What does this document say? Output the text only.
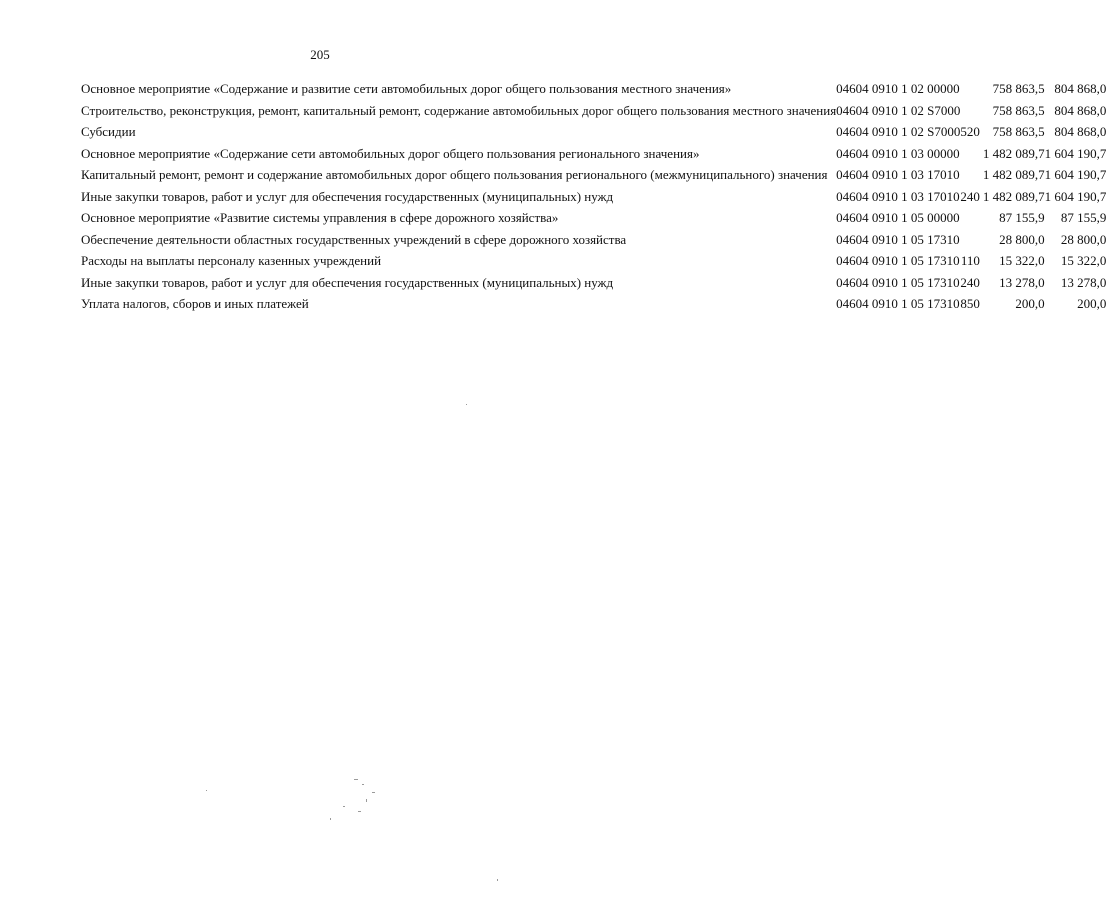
205
Основное мероприятие «Содержание и развитие сети автомобильных дорог общего пользования местного значения»	046	04 09	10 1 02 00000		758 863,5	804 868,0
Строительство, реконструкция, ремонт, капитальный ремонт, содержание автомобильных дорог общего пользования местного значения	046	04 09	10 1 02 S7000		758 863,5	804 868,0
Субсидии	046	04 09	10 1 02 S7000	520	758 863,5	804 868,0
Основное мероприятие «Содержание сети автомобильных дорог общего пользования регионального значения»	046	04 09	10 1 03 00000		1 482 089,7	1 604 190,7
Капитальный ремонт, ремонт и содержание автомобильных дорог общего пользования регионального (межмуниципального) значения	046	04 09	10 1 03 17010		1 482 089,7	1 604 190,7
Иные закупки товаров, работ и услуг для обеспечения государственных (муниципальных) нужд	046	04 09	10 1 03 17010	240	1 482 089,7	1 604 190,7
Основное мероприятие «Развитие системы управления в сфере дорожного хозяйства»	046	04 09	10 1 05 00000		87 155,9	87 155,9
Обеспечение деятельности областных государственных учреждений в сфере дорожного хозяйства	046	04 09	10 1 05 17310		28 800,0	28 800,0
Расходы на выплаты персоналу казенных учреждений	046	04 09	10 1 05 17310	110	15 322,0	15 322,0
Иные закупки товаров, работ и услуг для обеспечения государственных (муниципальных) нужд	046	04 09	10 1 05 17310	240	13 278,0	13 278,0
Уплата налогов, сборов и иных платежей	046	04 09	10 1 05 17310	850	200,0	200,0
